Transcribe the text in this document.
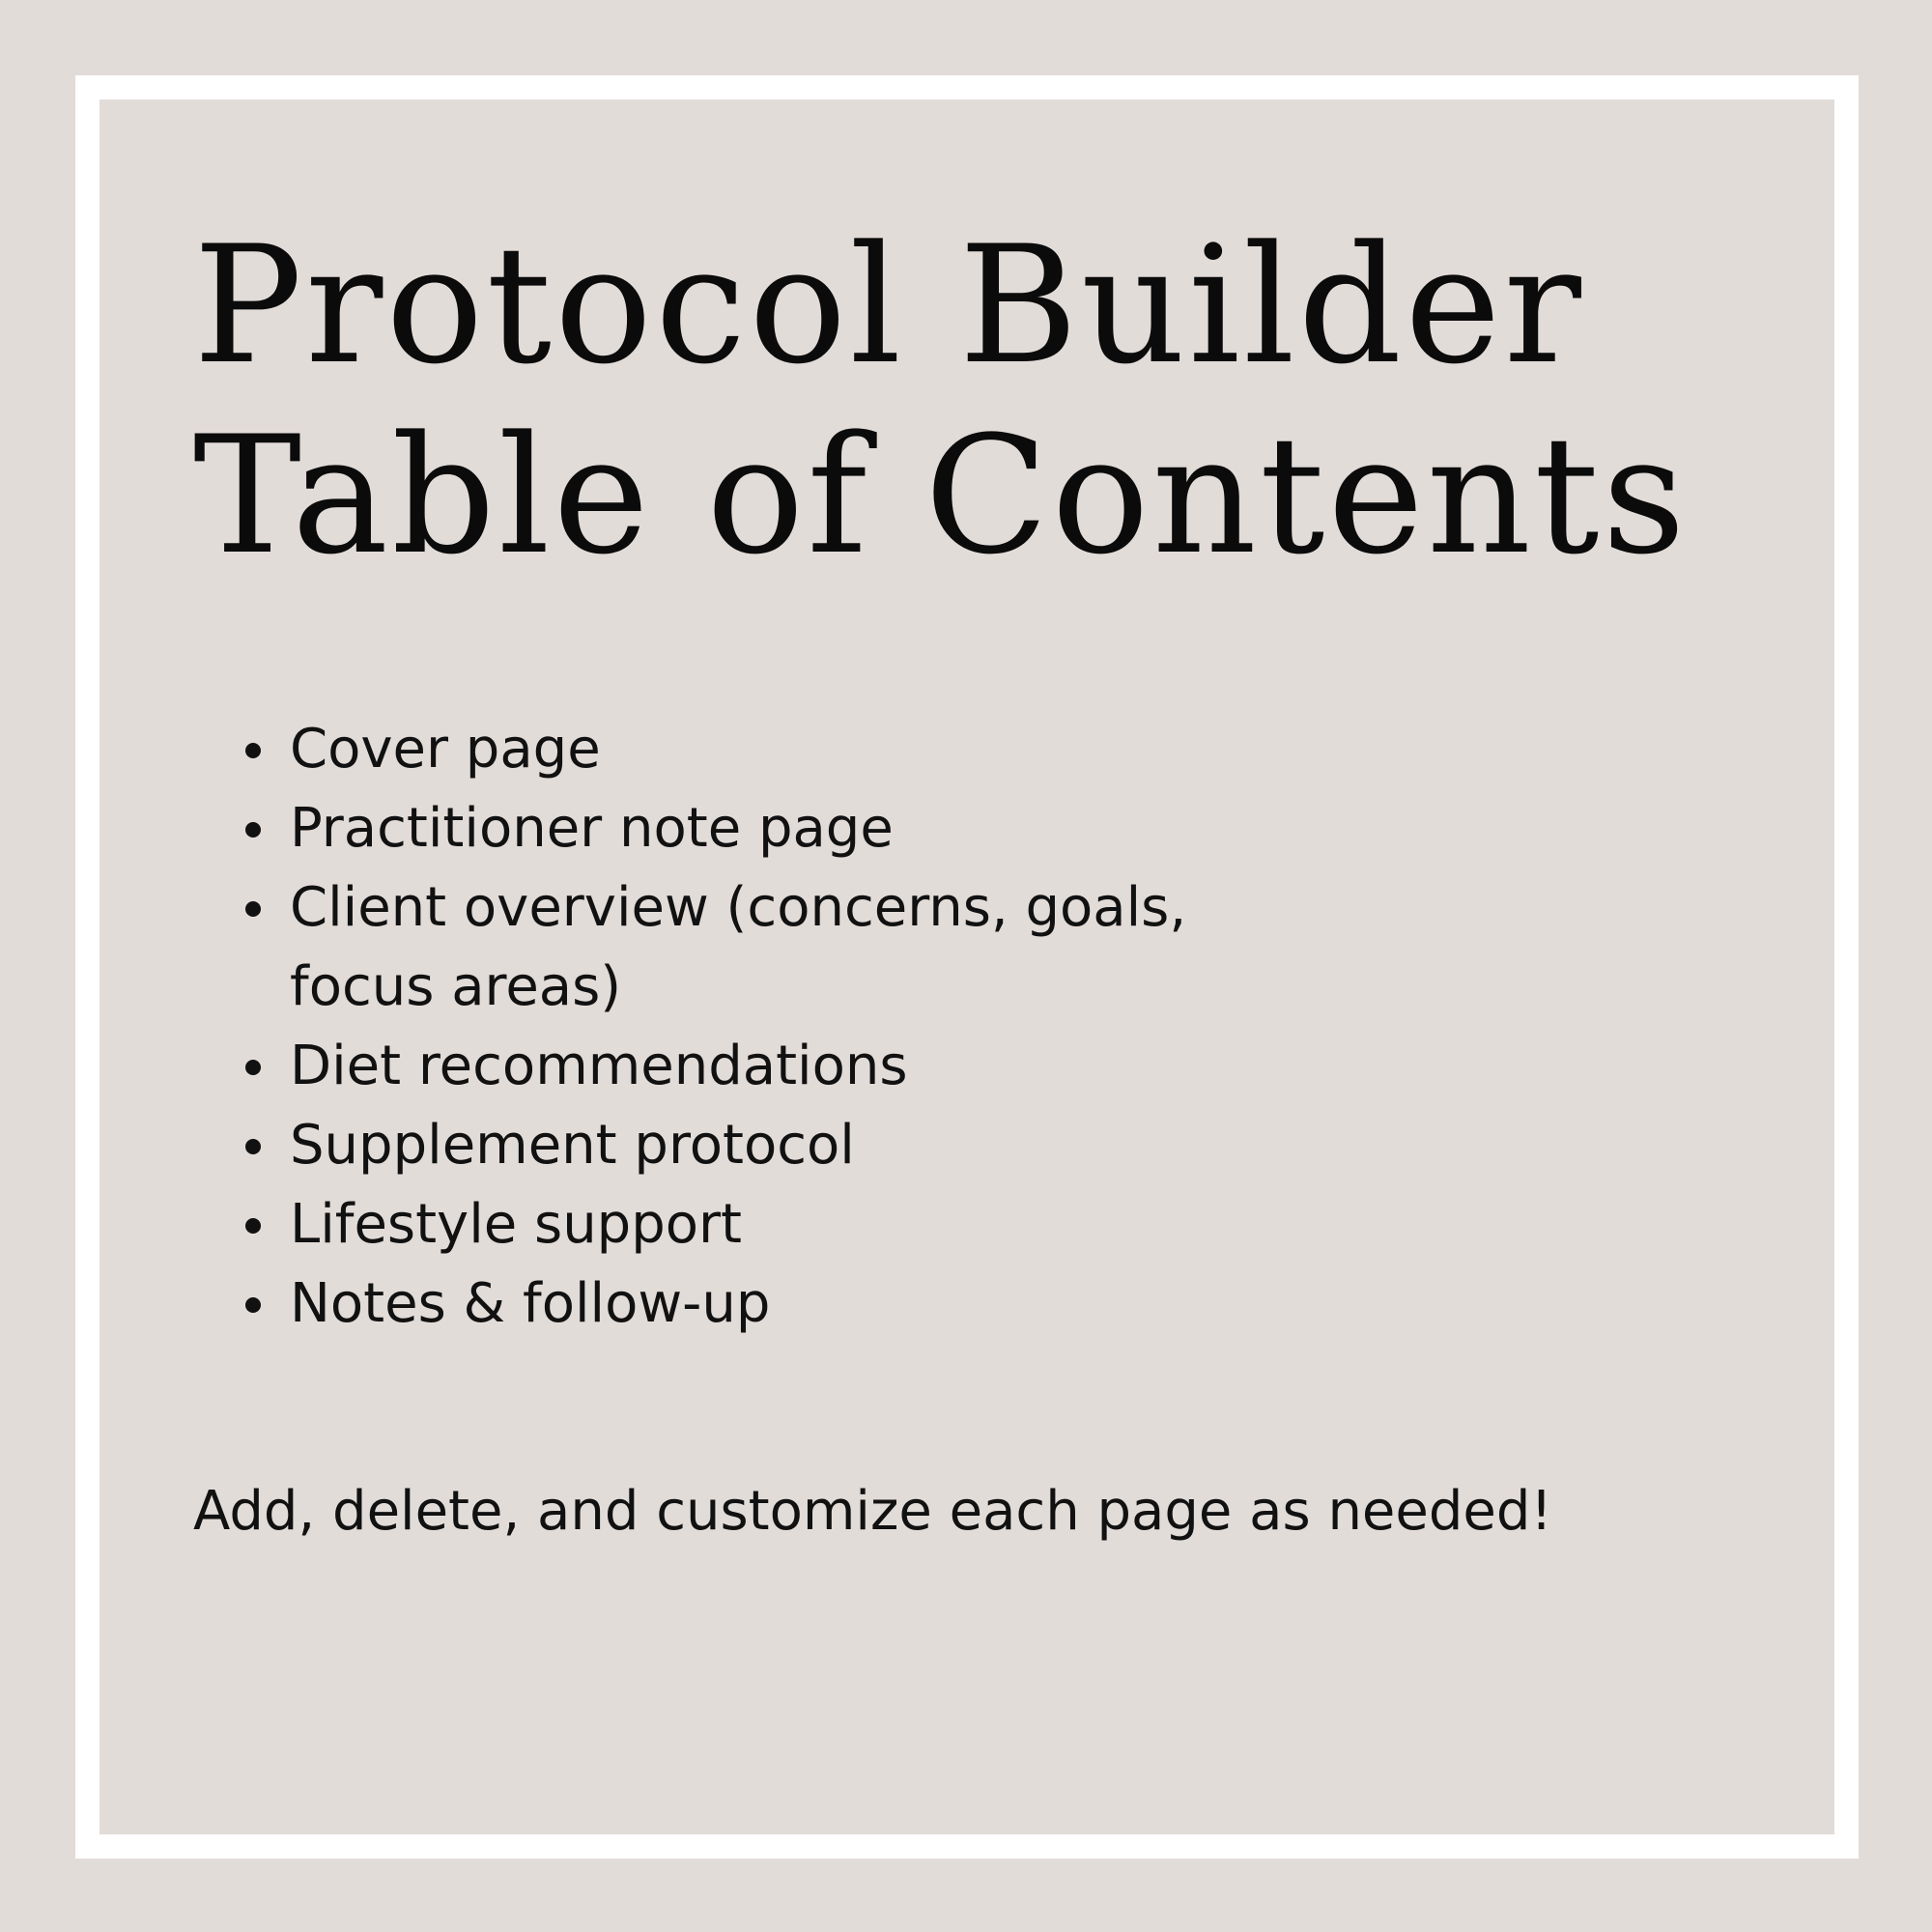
Protocol Builder
Table of Contents
Cover page
Practitioner note page
Client overview (concerns, goals, focus areas)
Diet recommendations
Supplement protocol
Lifestyle support
Notes & follow-up

Add, delete, and customize each page as needed!
